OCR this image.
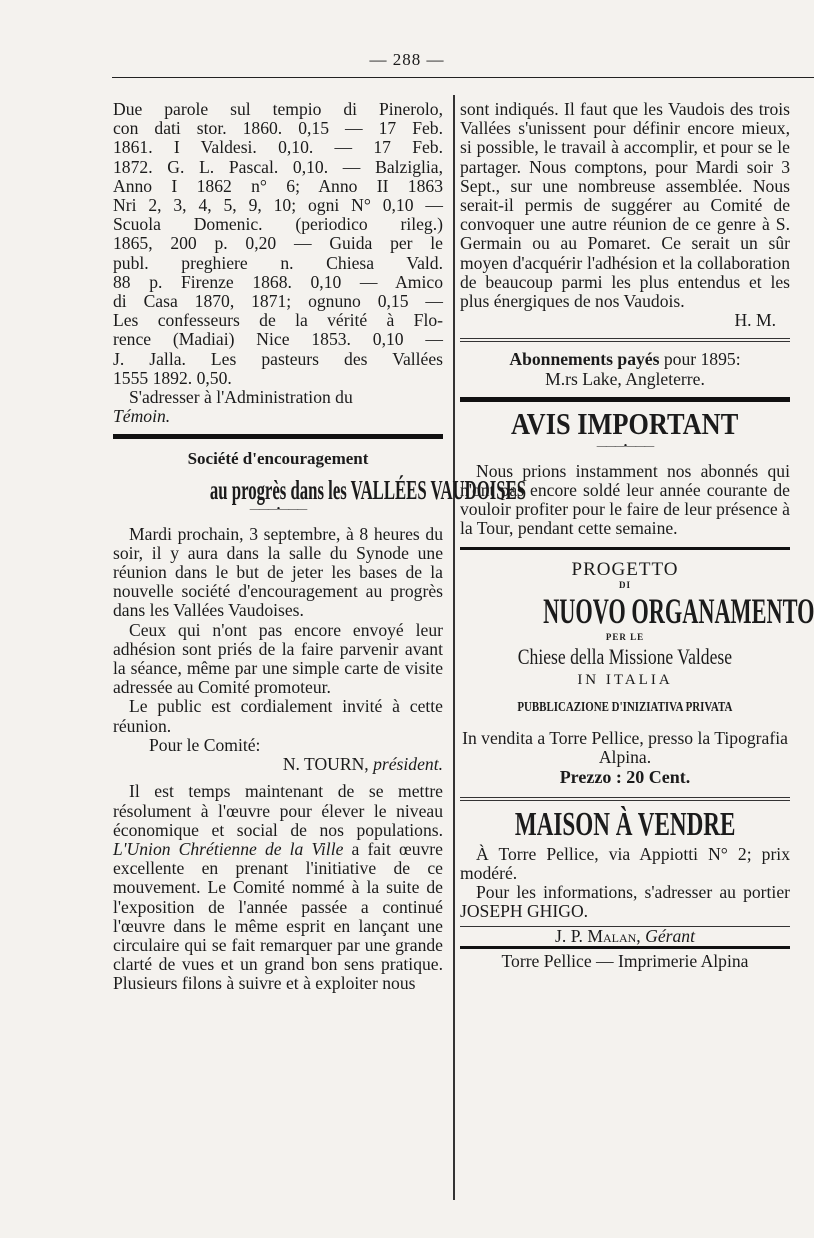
— 288 —

Due parole sul tempio di Pinerolo,

con dati stor. 1860. 0,15 — 17 Feb.

1861. I Valdesi. 0,10. — 17 Feb.

1872. G. L. Pascal. 0,10. — Balziglia,

Anno I 1862 n° 6; Anno II 1863

Nri 2, 3, 4, 5, 9, 10; ogni N° 0,10 —

Scuola Domenic. (periodico rileg.)

1865, 200 p. 0,20 — Guida per le

publ. preghiere n. Chiesa Vald.

88 p. Firenze 1868. 0,10 — Amico

di Casa 1870, 1871; ognuno 0,15 —

Les confesseurs de la vérité à Flo-

rence (Madiai) Nice 1853. 0,10 —

J. Jalla. Les pasteurs des Vallées

1555 1892. 0,50.

S'adresser à l'Administration du

Témoin.

Société d'encouragement

au progrès dans les VALLÉES VAUDOISES
———•———

Mardi prochain, 3 septembre, à 8 heures du soir, il y aura dans la salle du Synode une réunion dans le but de jeter les bases de la nouvelle société d'encouragement au progrès dans les Vallées Vaudoises.

Ceux qui n'ont pas encore envoyé leur adhésion sont priés de la faire parvenir avant la séance, même par une simple carte de visite adressée au Comité promoteur.

Le public est cordialement invité à cette réunion.

Pour le Comité:

N. TOURN, président.

Il est temps maintenant de se mettre résolument à l'œuvre pour élever le niveau économique et social de nos populations. L'Union Chrétienne de la Ville a fait œuvre excellente en prenant l'initiative de ce mouvement. Le Comité nommé à la suite de l'exposition de l'année passée a continué l'œuvre dans le même esprit en lançant une circulaire qui se fait remarquer par une grande clarté de vues et un grand bon sens pratique. Plusieurs filons à suivre et à exploiter nous

sont indiqués. Il faut que les Vaudois des trois Vallées s'unissent pour définir encore mieux, si possible, le travail à accomplir, et pour se le partager. Nous comptons, pour Mardi soir 3 Sept., sur une nombreuse assemblée. Nous serait-il permis de suggérer au Comité de convoquer une autre réunion de ce genre à S. Germain ou au Pomaret. Ce serait un sûr moyen d'acquérir l'adhésion et la collaboration de beaucoup parmi les plus entendus et les plus énergiques de nos Vaudois.

H. M.

Abonnements payés pour 1895:

M.rs Lake, Angleterre.

AVIS IMPORTANT
———•———

Nous prions instamment nos abonnés qui n'ont pas encore soldé leur année courante de vouloir profiter pour le faire de leur présence à la Tour, pendant cette semaine.

PROGETTO

DI
NUOVO ORGANAMENTO
PER LE
Chiese della Missione Valdese

IN ITALIA

PUBBLICAZIONE D'INIZIATIVA PRIVATA

In vendita a Torre Pellice, presso la Tipografia Alpina.

Prezzo : 20 Cent.

MAISON À VENDRE

À Torre Pellice, via Appiotti N° 2; prix modéré.

Pour les informations, s'adresser au portier JOSEPH GHIGO.

J. P. Malan, Gérant

Torre Pellice — Imprimerie Alpina
